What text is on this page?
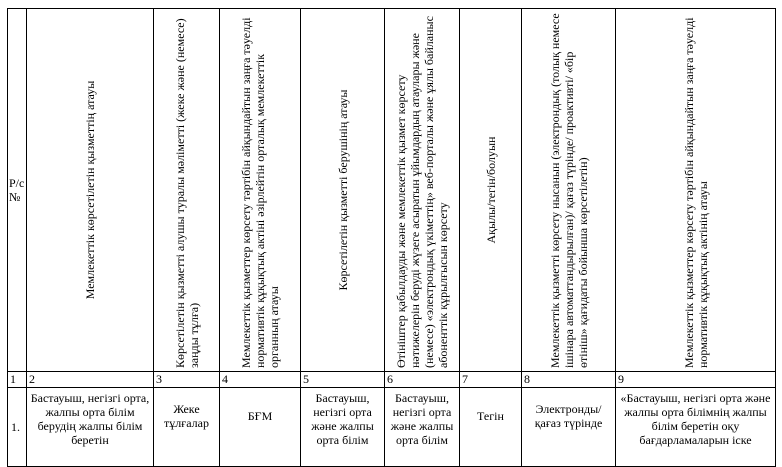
Р/с №	Мемлекеттік көрсетілетін қызметтің атауы	Көрсетілетін қызметті алушы туралы мәліметті (жеке және (немесе) заңды тұлға)	Мемлекеттік қызметтер көрсету тәртібін айқындайтын заңға тәуелді нормативтік құқықтық актіні әзірлейтін орталық мемлекеттік органның атауы	Көрсетілетін қызметті берушінің атауы	Өтініштер қабылдауды және мемлекеттік қызмет көрсету нәтижелерін беруді жүзеге асыратын ұйымдардың атаулары және (немесе) «электрондық үкіметтің» веб-порталы және ұялы байланыс абоненттік құрылғысын көрсету	Ақылы/тегін/болуын	Мемлекеттік қызметті көрсету нысанын (электрондық (толық немесе ішінара автоматтандырылған)/ қағаз түрінде/ проактивті/ «бір өтініш» қағидаты бойынша көрсетілетін)	Мемлекеттік қызметтер көрсету тәртібін айқындайтын заңға тәуелді нормативтік құқықтық актінің атауы

1	2	3	4	5	6	7	8	9
1.	Бастауыш, негізгі орта, жалпы орта білім берудің жалпы білім беретін	Жеке тұлғалар	БҒМ	Бастауыш, негізгі орта және жалпы орта білім	Бастауыш, негізгі орта және жалпы орта білім	Тегін	Электронды/қағаз түрінде	«Бастауыш, негізгі орта және жалпы орта білімнің жалпы білім беретін оқу бағдарламаларын іске
